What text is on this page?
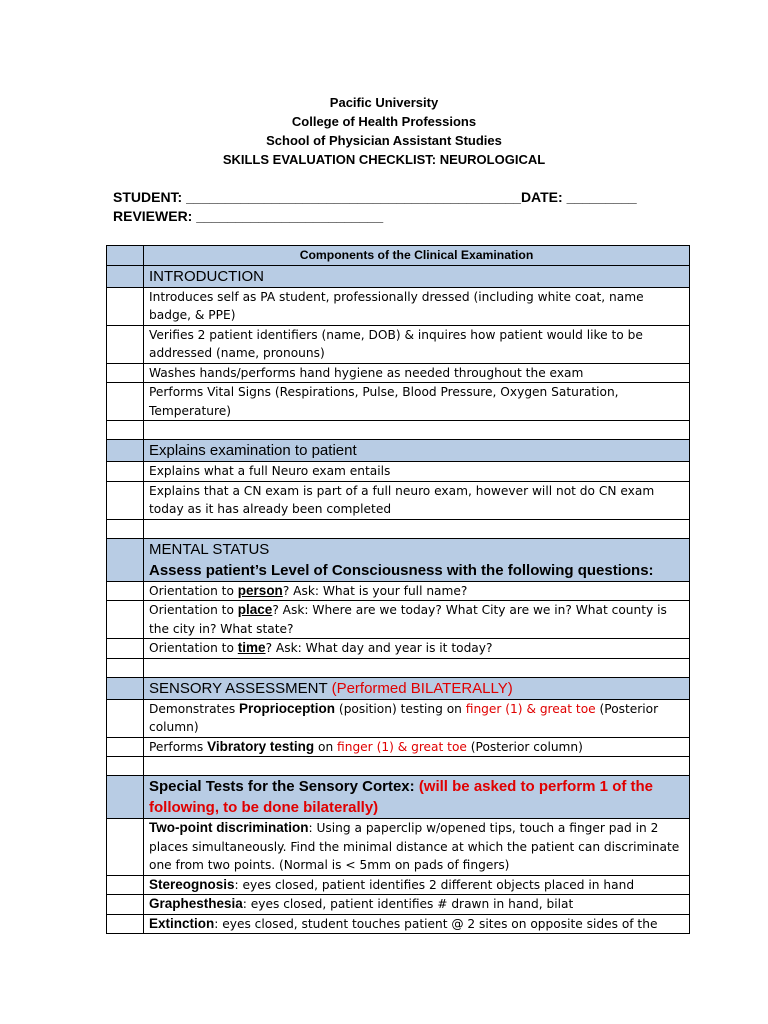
Pacific University
College of Health Professions
School of Physician Assistant Studies
SKILLS EVALUATION CHECKLIST: NEUROLOGICAL
STUDENT: ___________________________________________DATE: _________
REVIEWER: ________________________
	Components of the Clinical Examination
	INTRODUCTION
	Introduces self as PA student, professionally dressed (including white coat, name badge, & PPE)
	Verifies 2 patient identifiers (name, DOB) & inquires how patient would like to be addressed (name, pronouns)
	Washes hands/performs hand hygiene as needed throughout the exam
	Performs Vital Signs (Respirations, Pulse, Blood Pressure, Oxygen Saturation, Temperature)

	Explains examination to patient
	Explains what a full Neuro exam entails
	Explains that a CN exam is part of a full neuro exam, however will not do CN exam today as it has already been completed

	MENTAL STATUS
Assess patient’s Level of Consciousness with the following questions:

	Orientation to person? Ask: What is your full name?
	Orientation to place? Ask: Where are we today? What City are we in? What county is the city in? What state?
	Orientation to time? Ask: What day and year is it today?

	SENSORY ASSESSMENT (Performed BILATERALLY)
	Demonstrates Proprioception (position) testing on finger (1) & great toe (Posterior column)
	Performs Vibratory testing on finger (1) & great toe (Posterior column)

	Special Tests for the Sensory Cortex: (will be asked to perform 1 of the following, to be done bilaterally)
	Two-point discrimination: Using a paperclip w/opened tips, touch a finger pad in 2 places simultaneously. Find the minimal distance at which the patient can discriminate one from two points. (Normal is < 5mm on pads of fingers)
	Stereognosis: eyes closed, patient identifies 2 different objects placed in hand
	Graphesthesia: eyes closed, patient identifies # drawn in hand, bilat
	Extinction: eyes closed, student touches patient @ 2 sites on opposite sides of the
